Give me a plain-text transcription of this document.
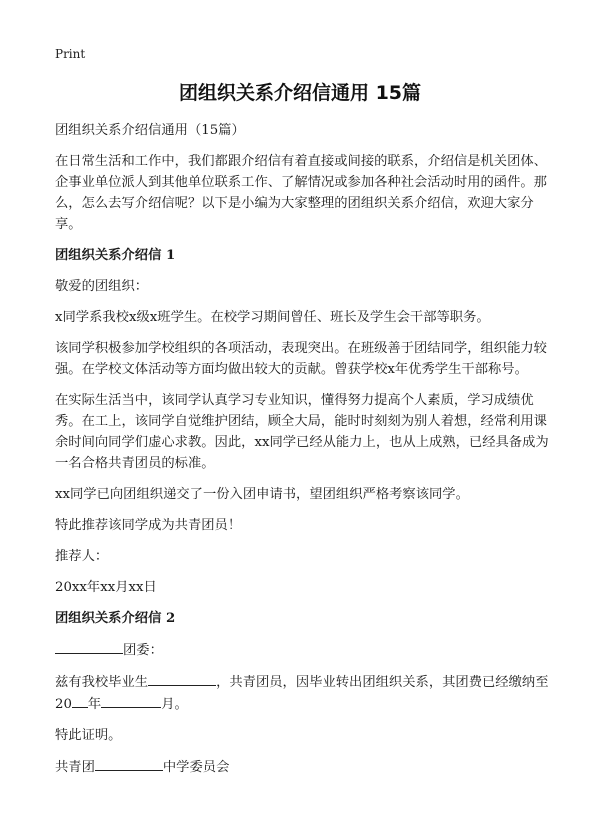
Print
团组织关系介绍信通用 15篇

团组织关系介绍信通用（15篇）

在日常生活和工作中，我们都跟介绍信有着直接或间接的联系，介绍信是机关团体、企事业单位派人到其他单位联系工作、了解情况或参加各种社会活动时用的函件。那么，怎么去写介绍信呢？以下是小编为大家整理的团组织关系介绍信，欢迎大家分享。

团组织关系介绍信 1

敬爱的团组织：

x同学系我校x级x班学生。在校学习期间曾任、班长及学生会干部等职务。

该同学积极参加学校组织的各项活动，表现突出。在班级善于团结同学，组织能力较强。在学校文体活动等方面均做出较大的贡献。曾获学校x年优秀学生干部称号。

在实际生活当中，该同学认真学习专业知识，懂得努力提高个人素质，学习成绩优秀。在工上，该同学自觉维护团结，顾全大局，能时时刻刻为别人着想，经常利用课余时间向同学们虚心求教。因此，xx同学已经从能力上，也从上成熟，已经具备成为一名合格共青团员的标准。

xx同学已向团组织递交了一份入团申请书，望团组织严格考察该同学。

特此推荐该同学成为共青团员！

推荐人：

20xx年xx月xx日

团组织关系介绍信 2

团委：

兹有我校毕业生	，共青团员，因毕业转出团组织关系，其团费已经缴纳至20 年	月。

特此证明。

共青团	中学委员会
